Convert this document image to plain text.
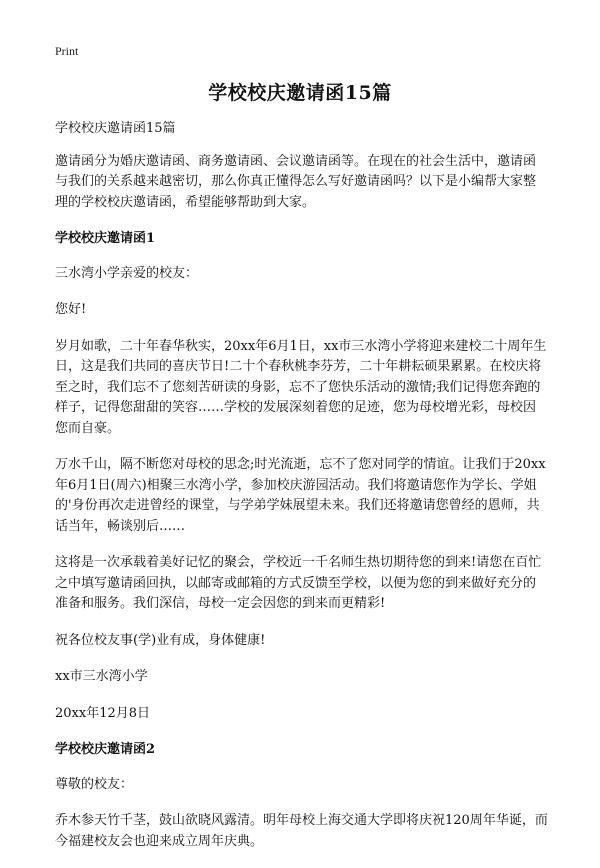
Print
学校校庆邀请函15篇

学校校庆邀请函15篇

邀请函分为婚庆邀请函、商务邀请函、会议邀请函等。在现在的社会生活中，邀请函与我们的关系越来越密切，那么你真正懂得怎么写好邀请函吗？以下是小编帮大家整理的学校校庆邀请函，希望能够帮助到大家。

学校校庆邀请函1

三水湾小学亲爱的校友：

您好!

岁月如歌，二十年春华秋实，20xx年6月1日，xx市三水湾小学将迎来建校二十周年生日，这是我们共同的喜庆节日!二十个春秋桃李芬芳，二十年耕耘硕果累累。在校庆将至之时，我们忘不了您刻苦研读的身影，忘不了您快乐活动的激情;我们记得您奔跑的样子，记得您甜甜的笑容……学校的发展深刻着您的足迹，您为母校增光彩，母校因您而自豪。

万水千山，隔不断您对母校的思念;时光流逝，忘不了您对同学的情谊。让我们于20xx年6月1日(周六)相聚三水湾小学，参加校庆游园活动。我们将邀请您作为学长、学姐的'身份再次走进曾经的课堂，与学弟学妹展望未来。我们还将邀请您曾经的恩师，共话当年，畅谈别后……

这将是一次承载着美好记忆的聚会，学校近一千名师生热切期待您的到来!请您在百忙之中填写邀请函回执，以邮寄或邮箱的方式反馈至学校，以便为您的到来做好充分的准备和服务。我们深信，母校一定会因您的到来而更精彩!

祝各位校友事(学)业有成，身体健康!

xx市三水湾小学

20xx年12月8日

学校校庆邀请函2

尊敬的校友：

乔木参天竹千茎，鼓山欲晓风露清。明年母校上海交通大学即将庆祝120周年华诞，而今福建校友会也迎来成立周年庆典。
